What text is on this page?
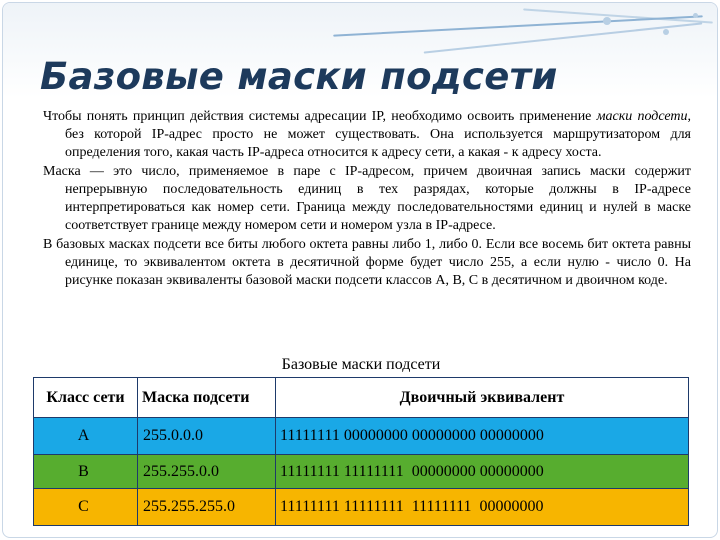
Базовые маски подсети

Чтобы понять принцип действия системы адресации IP, необходимо освоить применение маски подсети, без которой IP-адрес просто не может существовать. Она используется маршрутизатором для определения того, какая часть IP-адреса относится к адресу сети, а какая - к адресу хоста.

Маска — это число, применяемое в паре с IP-адресом, причем двоичная запись маски содержит непрерывную последовательность единиц в тех разрядах, которые должны в IP-адресе интерпретироваться как номер сети. Граница между последовательностями единиц и нулей в маске соответствует границе между номером сети и номером узла в IP-адресе.

В базовых масках подсети все биты любого октета равны либо 1, либо 0. Если все восемь бит октета равны единице, то эквивалентом октета в десятичной форме будет число 255, а если нулю - число 0. На рисунке показан эквиваленты базовой маски подсети классов А, В, С в десятичном и двоичном коде.

Базовые маски подсети
Класс сети	Маска подсети	Двоичный эквивалент
А	255.0.0.0	11111111 00000000 00000000 00000000
В	255.255.0.0	11111111 11111111  00000000 00000000
С	255.255.255.0	11111111 11111111  11111111  00000000
